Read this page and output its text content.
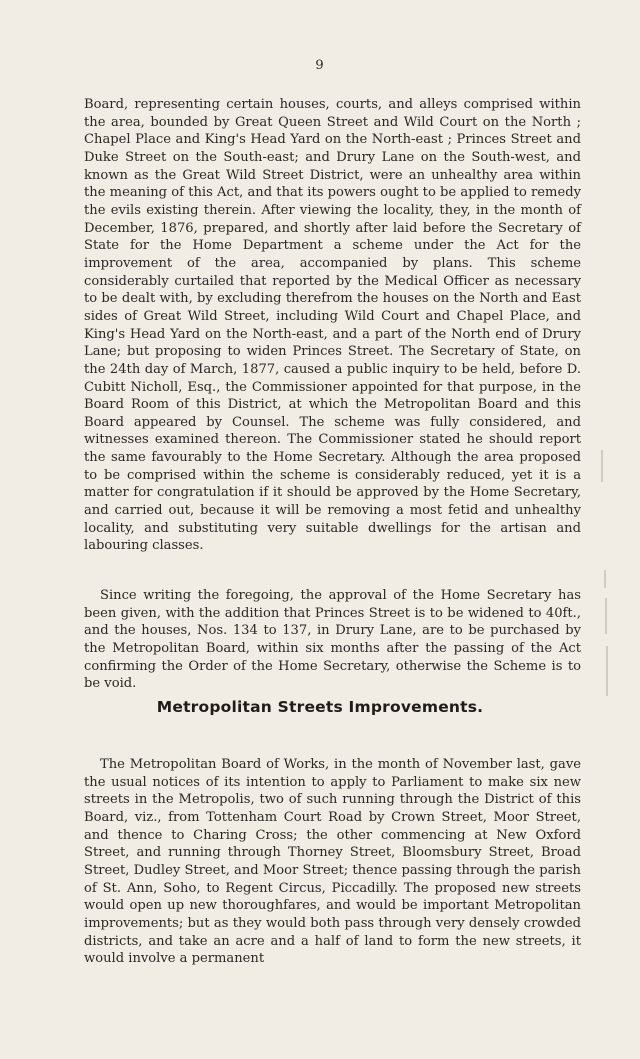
9

Board, representing certain houses, courts, and alleys comprised within the area, bounded by Great Queen Street and Wild Court on the North ; Chapel Place and King's Head Yard on the North-east ; Princes Street and Duke Street on the South-east; and Drury Lane on the South-west, and known as the Great Wild Street District, were an unhealthy area within the meaning of this Act, and that its powers ought to be applied to remedy the evils existing therein. After viewing the locality, they, in the month of December, 1876, prepared, and shortly after laid before the Secretary of State for the Home Department a scheme under the Act for the improvement of the area, accompanied by plans. This scheme considerably curtailed that reported by the Medical Officer as necessary to be dealt with, by excluding therefrom the houses on the North and East sides of Great Wild Street, including Wild Court and Chapel Place, and King's Head Yard on the North-east, and a part of the North end of Drury Lane; but proposing to widen Princes Street. The Secretary of State, on the 24th day of March, 1877, caused a public inquiry to be held, before D. Cubitt Nicholl, Esq., the Commissioner appointed for that purpose, in the Board Room of this District, at which the Metropolitan Board and this Board appeared by Counsel. The scheme was fully considered, and witnesses examined thereon. The Commissioner stated he should report the same favourably to the Home Secretary. Although the area proposed to be comprised within the scheme is considerably reduced, yet it is a matter for congratulation if it should be approved by the Home Secretary, and carried out, because it will be removing a most fetid and unhealthy locality, and substituting very suitable dwellings for the artisan and labouring classes.

Since writing the foregoing, the approval of the Home Secretary has been given, with the addition that Princes Street is to be widened to 40ft., and the houses, Nos. 134 to 137, in Drury Lane, are to be purchased by the Metropolitan Board, within six months after the passing of the Act confirming the Order of the Home Secretary, otherwise the Scheme is to be void.

Metropolitan Streets Improvements.

The Metropolitan Board of Works, in the month of November last, gave the usual notices of its intention to apply to Parliament to make six new streets in the Metropolis, two of such running through the District of this Board, viz., from Tottenham Court Road by Crown Street, Moor Street, and thence to Charing Cross; the other commencing at New Oxford Street, and running through Thorney Street, Bloomsbury Street, Broad Street, Dudley Street, and Moor Street; thence passing through the parish of St. Ann, Soho, to Regent Circus, Piccadilly. The proposed new streets would open up new thoroughfares, and would be important Metropolitan improvements; but as they would both pass through very densely crowded districts, and take an acre and a half of land to form the new streets, it would involve a permanent
